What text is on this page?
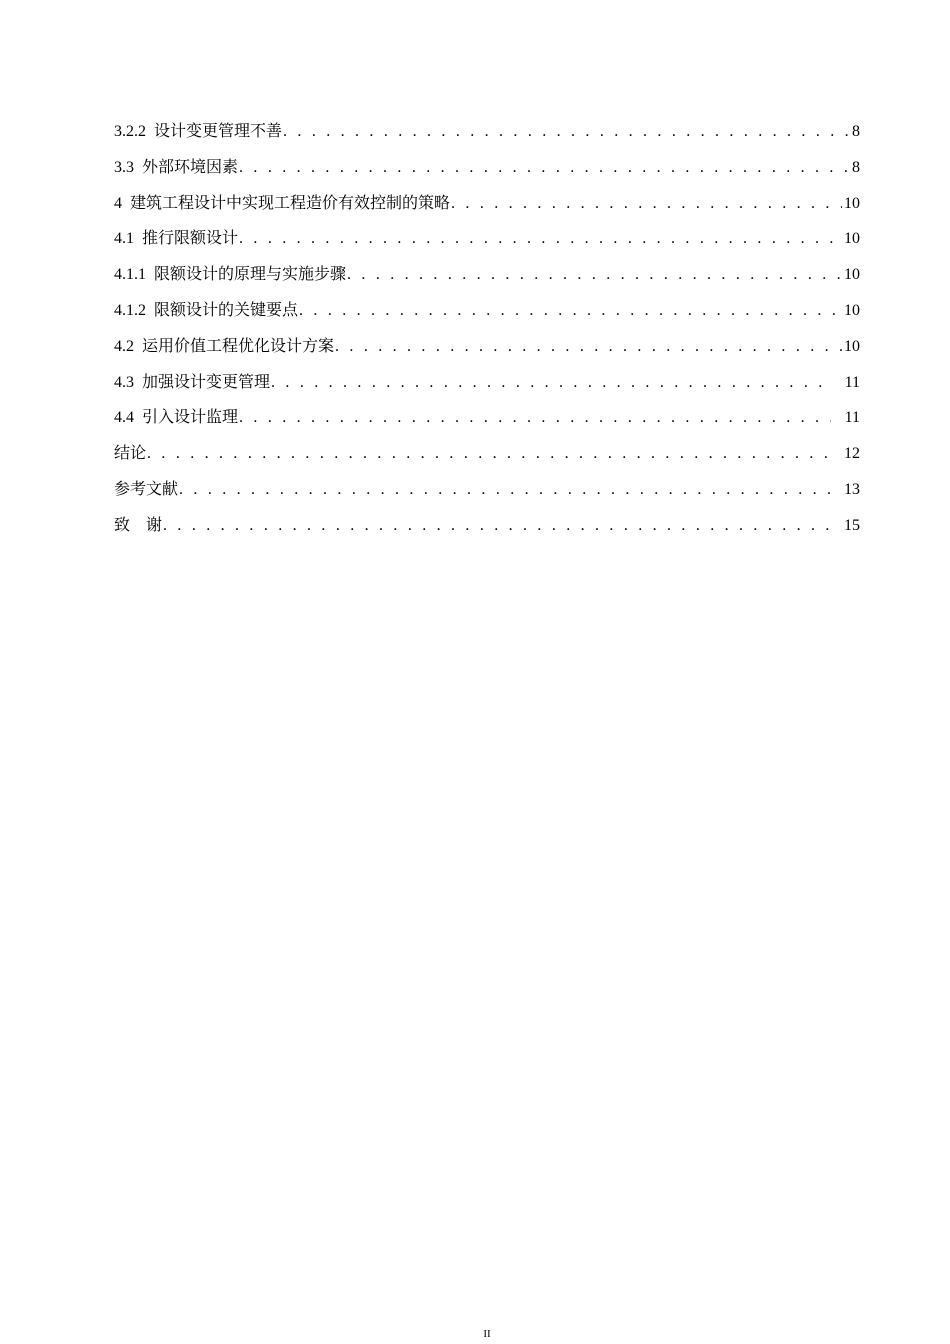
3.2.2 设计变更管理不善 . . .	8
3.3 外部环境因素 . . .	8
4 建筑工程设计中实现工程造价有效控制的策略 . . .	10
4.1 推行限额设计 . . .	10
4.1.1 限额设计的原理与实施步骤 . . .	10
4.1.2 限额设计的关键要点 . . .	10
4.2 运用价值工程优化设计方案 . . .	10
4.3 加强设计变更管理 . . .	11
4.4 引入设计监理 . . .	11
结论 . . .	12
参考文献 . . .	13
致　谢 . . .	15
II
